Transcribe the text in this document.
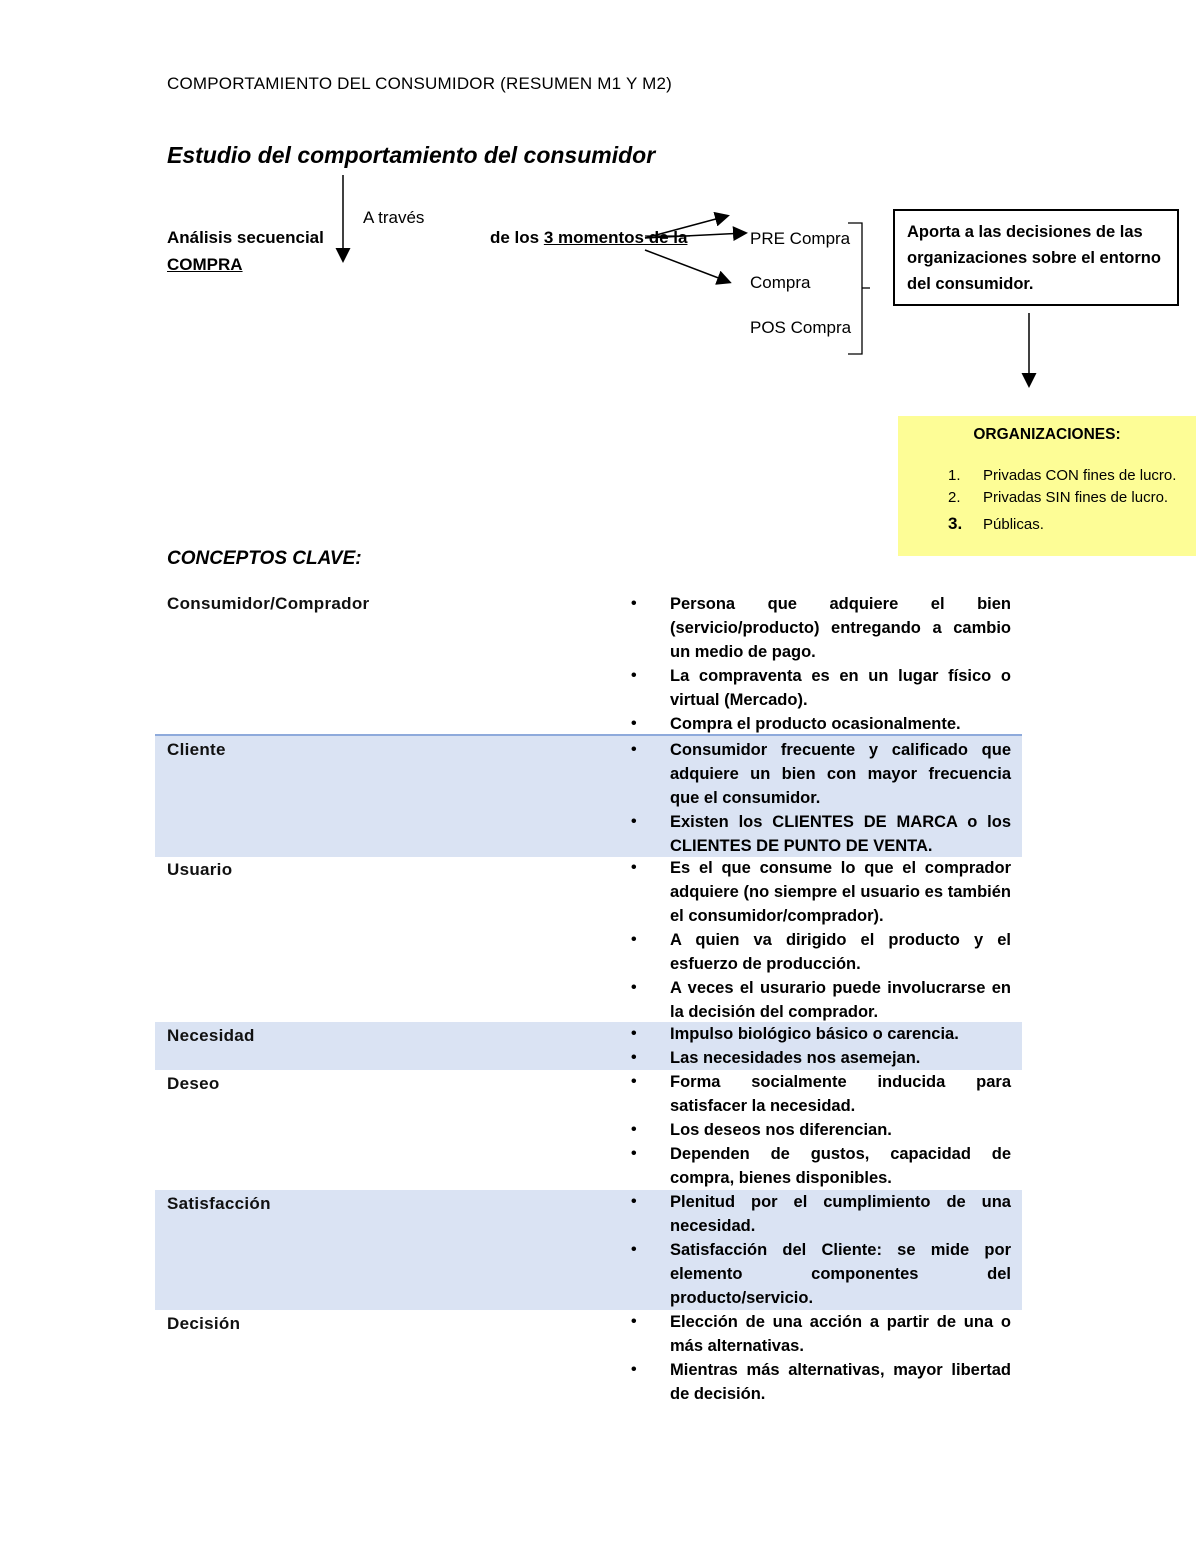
COMPORTAMIENTO DEL CONSUMIDOR (RESUMEN M1 Y M2)
Estudio del comportamiento del consumidor
Análisis secuencial
COMPRA
A través
de los 3 momentos de la	PRE Compra
Compra
POS Compra
Aporta a las decisiones de las organizaciones sobre el entorno del consumidor.
ORGANIZACIONES:
1. Privadas CON fines de lucro.
2. Privadas SIN fines de lucro.
3. Públicas.
CONCEPTOS CLAVE:
Consumidor/Comprador	• Persona que adquiere el bien (servicio/producto) entregando a cambio un medio de pago.
• La compraventa es en un lugar físico o virtual (Mercado).
• Compra el producto ocasionalmente.
Cliente	• Consumidor frecuente y calificado que adquiere un bien con mayor frecuencia que el consumidor.
• Existen los CLIENTES DE MARCA o los CLIENTES DE PUNTO DE VENTA.
Usuario	• Es el que consume lo que el comprador adquiere (no siempre el usuario es también el consumidor/comprador).
• A quien va dirigido el producto y el esfuerzo de producción.
• A veces el usurario puede involucrarse en la decisión del comprador.
Necesidad	• Impulso biológico básico o carencia.
• Las necesidades nos asemejan.
Deseo	• Forma socialmente inducida para satisfacer la necesidad.
• Los deseos nos diferencian.
• Dependen de gustos, capacidad de compra, bienes disponibles.
Satisfacción	• Plenitud por el cumplimiento de una necesidad.
• Satisfacción del Cliente: se mide por elemento componentes del producto/servicio.
Decisión	• Elección de una acción a partir de una o más alternativas.
• Mientras más alternativas, mayor libertad de decisión.
